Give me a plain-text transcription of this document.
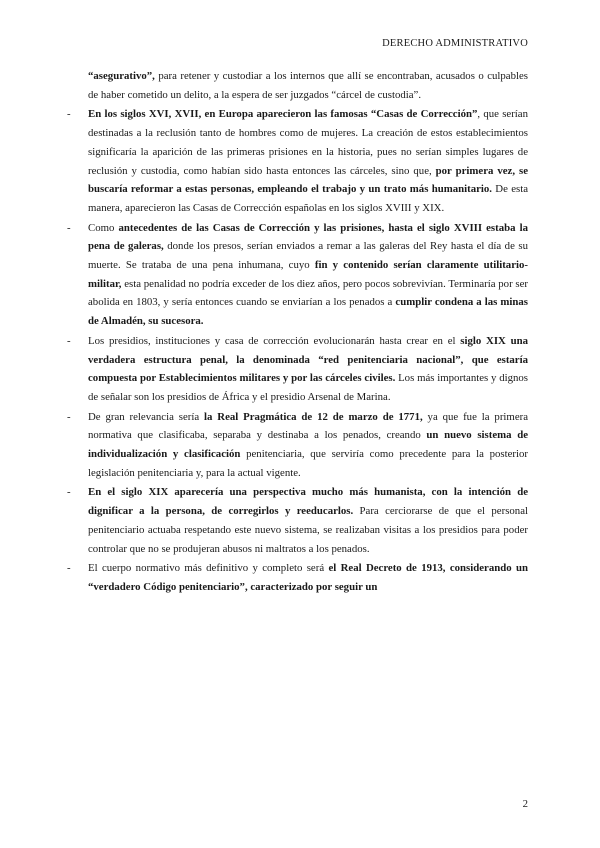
DERECHO ADMINISTRATIVO

“asegurativo”, para retener y custodiar a los internos que allí se encontraban, acusados o culpables de haber cometido un delito, a la espera de ser juzgados “cárcel de custodia”.

- En los siglos XVI, XVII, en Europa aparecieron las famosas “Casas de Corrección”, que serían destinadas a la reclusión tanto de hombres como de mujeres. La creación de estos establecimientos significaría la aparición de las primeras prisiones en la historia, pues no serían simples lugares de reclusión y custodia, como habían sido hasta entonces las cárceles, sino que, por primera vez, se buscaría reformar a estas personas, empleando el trabajo y un trato más humanitario. De esta manera, aparecieron las Casas de Corrección españolas en los siglos XVIII y XIX.

- Como antecedentes de las Casas de Corrección y las prisiones, hasta el siglo XVIII estaba la pena de galeras, donde los presos, serían enviados a remar a las galeras del Rey hasta el día de su muerte. Se trataba de una pena inhumana, cuyo fin y contenido serían claramente utilitario-militar, esta penalidad no podría exceder de los diez años, pero pocos sobrevivían. Terminaría por ser abolida en 1803, y sería entonces cuando se enviarían a los penados a cumplir condena a las minas de Almadén, su sucesora.

- Los presidios, instituciones y casa de corrección evolucionarán hasta crear en el siglo XIX una verdadera estructura penal, la denominada “red penitenciaria nacional”, que estaría compuesta por Establecimientos militares y por las cárceles civiles. Los más importantes y dignos de señalar son los presidios de África y el presidio Arsenal de Marina.

- De gran relevancia sería la Real Pragmática de 12 de marzo de 1771, ya que fue la primera normativa que clasificaba, separaba y destinaba a los penados, creando un nuevo sistema de individualización y clasificación penitenciaria, que serviría como precedente para la posterior legislación penitenciaria y, para la actual vigente.

- En el siglo XIX aparecería una perspectiva mucho más humanista, con la intención de dignificar a la persona, de corregirlos y reeducarlos. Para cerciorarse de que el personal penitenciario actuaba respetando este nuevo sistema, se realizaban visitas a los presidios para poder controlar que no se produjeran abusos ni maltratos a los penados.

- El cuerpo normativo más definitivo y completo será el Real Decreto de 1913, considerando un “verdadero Código penitenciario”, caracterizado por seguir un

2
